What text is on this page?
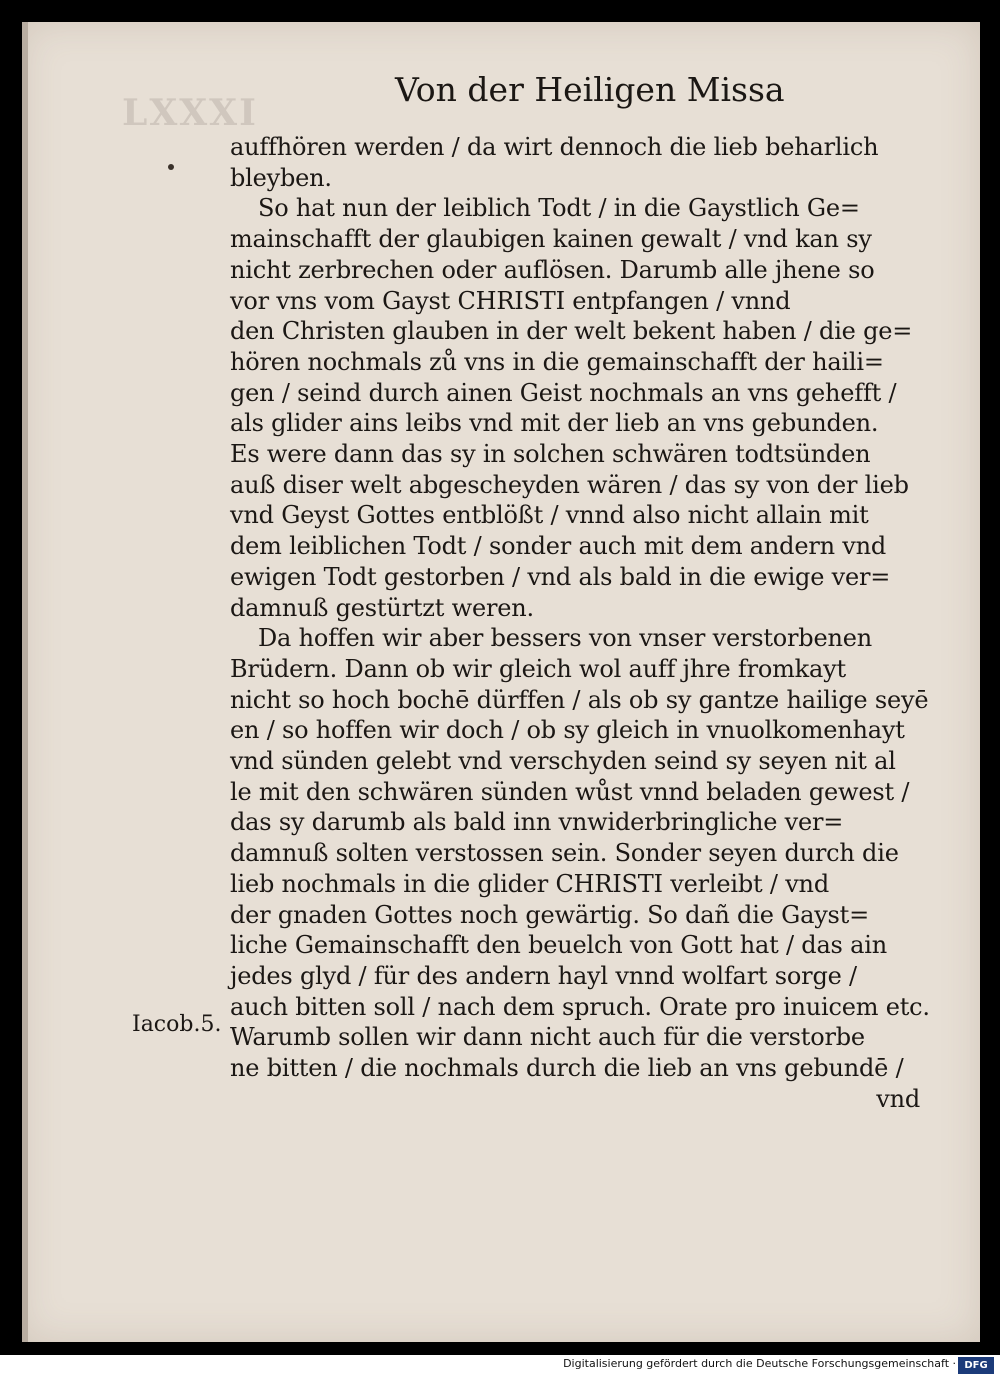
LXXXI
Von der Heiligen Missa
Iacob.5.
auffhören werden / da wirt dennoch die lieb beharlich
bleyben.
So hat nun der leiblich Todt / in die Gaystlich Ge=
mainschafft der glaubigen kainen gewalt / vnd kan sy
nicht zerbrechen oder auflösen. Darumb alle jhene so
vor vns vom Gayst CHRISTI entpfangen / vnnd
den Christen glauben in der welt bekent haben / die ge=
hören nochmals zů vns in die gemainschafft der haili=
gen / seind durch ainen Geist nochmals an vns gehefft /
als glider ains leibs vnd mit der lieb an vns gebunden.
Es were dann das sy in solchen schwären todtsünden
auß diser welt abgescheyden wären / das sy von der lieb
vnd Geyst Gottes entblößt / vnnd also nicht allain mit
dem leiblichen Todt / sonder auch mit dem andern vnd
ewigen Todt gestorben / vnd als bald in die ewige ver=
damnuß gestürtzt weren.
Da hoffen wir aber bessers von vnser verstorbenen
Brüdern. Dann ob wir gleich wol auff jhre fromkayt
nicht so hoch bochē dürffen / als ob sy gantze hailige seyē
en / so hoffen wir doch / ob sy gleich in vnuolkomenhayt
vnd sünden gelebt vnd verschyden seind sy seyen nit al
le mit den schwären sünden wůst vnnd beladen gewest /
das sy darumb als bald inn vnwiderbringliche ver=
damnuß solten verstossen sein. Sonder seyen durch die
lieb nochmals in die glider CHRISTI verleibt / vnd
der gnaden Gottes noch gewärtig. So dañ die Gayst=
liche Gemainschafft den beuelch von Gott hat / das ain
jedes glyd / für des andern hayl vnnd wolfart sorge /
auch bitten soll / nach dem spruch. Orate pro inuicem etc.
Warumb sollen wir dann nicht auch für die verstorbe
ne bitten / die nochmals durch die lieb an vns gebundē /
vnd
Digitalisierung gefördert durch die Deutsche Forschungsgemeinschaft · DFG
